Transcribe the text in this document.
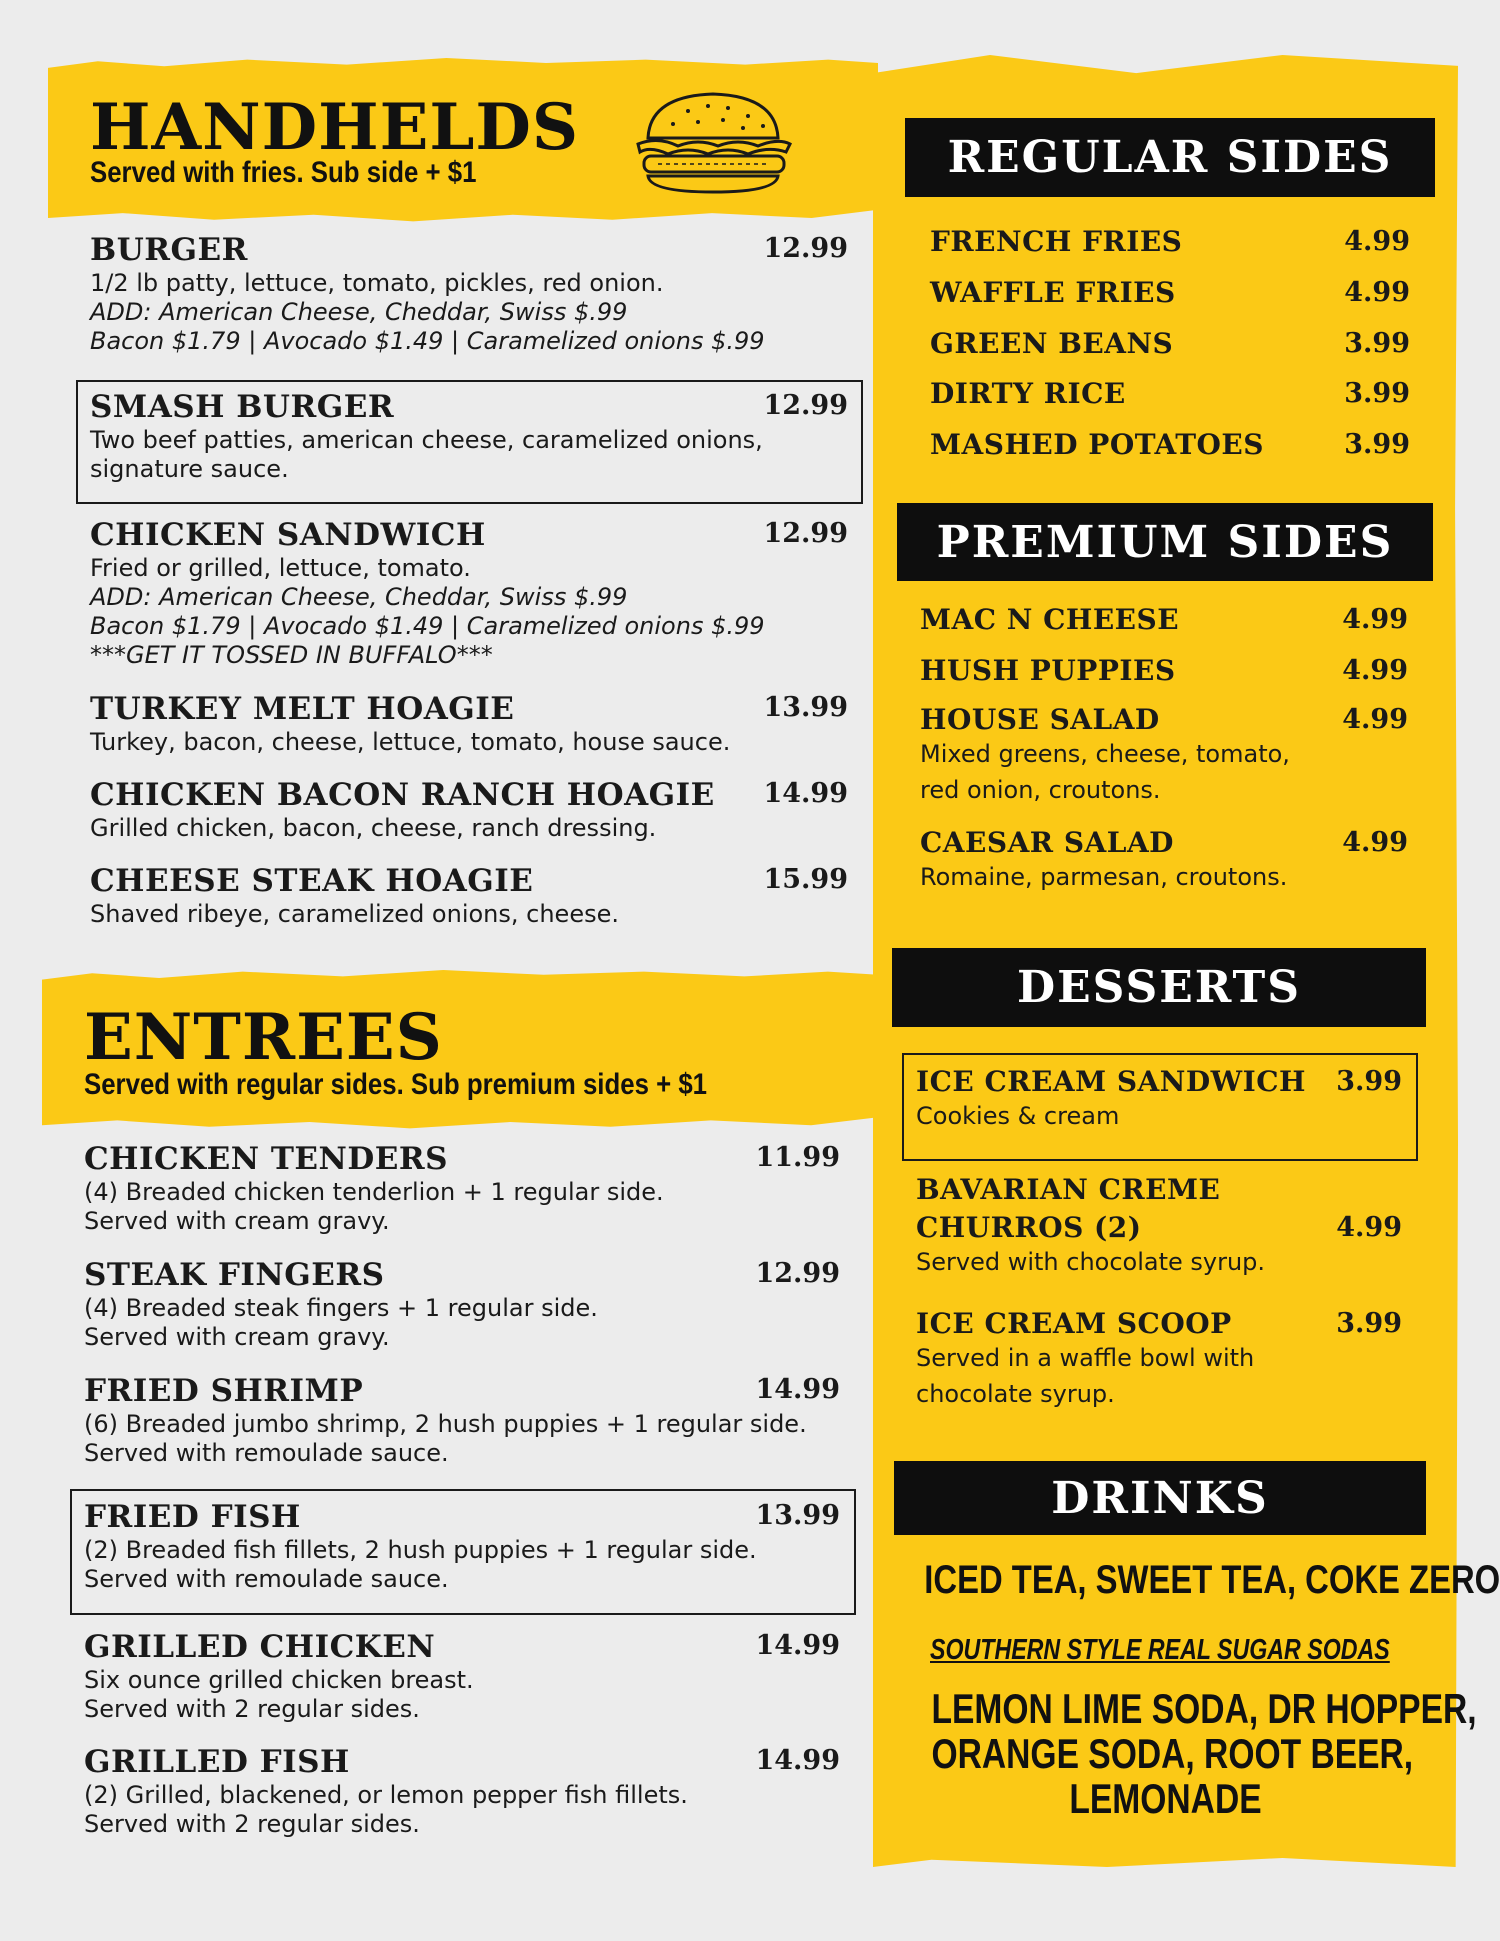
HANDHELDS
Served with fries. Sub side + $1
BURGER	12.99
1/2 lb patty, lettuce, tomato, pickles, red onion.
ADD: American Cheese, Cheddar, Swiss $.99
Bacon $1.79 | Avocado $1.49 | Caramelized onions $.99
SMASH BURGER	12.99
Two beef patties, american cheese, caramelized onions,
signature sauce.
CHICKEN SANDWICH	12.99
Fried or grilled, lettuce, tomato.
ADD: American Cheese, Cheddar, Swiss $.99
Bacon $1.79 | Avocado $1.49 | Caramelized onions $.99
***GET IT TOSSED IN BUFFALO***
TURKEY MELT HOAGIE	13.99
Turkey, bacon, cheese, lettuce, tomato, house sauce.
CHICKEN BACON RANCH HOAGIE	14.99
Grilled chicken, bacon, cheese, ranch dressing.
CHEESE STEAK HOAGIE	15.99
Shaved ribeye, caramelized onions, cheese.
ENTREES
Served with regular sides. Sub premium sides + $1
CHICKEN TENDERS	11.99
(4) Breaded chicken tenderlion + 1 regular side.
Served with cream gravy.
STEAK FINGERS	12.99
(4) Breaded steak fingers + 1 regular side.
Served with cream gravy.
FRIED SHRIMP	14.99
(6) Breaded jumbo shrimp, 2 hush puppies + 1 regular side.
Served with remoulade sauce.
FRIED FISH	13.99
(2) Breaded fish fillets, 2 hush puppies + 1 regular side.
Served with remoulade sauce.
GRILLED CHICKEN	14.99
Six ounce grilled chicken breast.
Served with 2 regular sides.
GRILLED FISH	14.99
(2) Grilled, blackened, or lemon pepper fish fillets.
Served with 2 regular sides.
REGULAR SIDES
FRENCH FRIES	4.99
WAFFLE FRIES	4.99
GREEN BEANS	3.99
DIRTY RICE	3.99
MASHED POTATOES	3.99
PREMIUM SIDES
MAC N CHEESE	4.99
HUSH PUPPIES	4.99
HOUSE SALAD	4.99
Mixed greens, cheese, tomato,
red onion, croutons.
CAESAR SALAD	4.99
Romaine, parmesan, croutons.
DESSERTS
ICE CREAM SANDWICH	3.99
Cookies & cream
BAVARIAN CREME
CHURROS (2)	4.99
Served with chocolate syrup.
ICE CREAM SCOOP	3.99
Served in a waffle bowl with
chocolate syrup.
DRINKS
ICED TEA, SWEET TEA, COKE ZERO
SOUTHERN STYLE REAL SUGAR SODAS
LEMON LIME SODA, DR HOPPER,
ORANGE SODA, ROOT BEER,
LEMONADE
